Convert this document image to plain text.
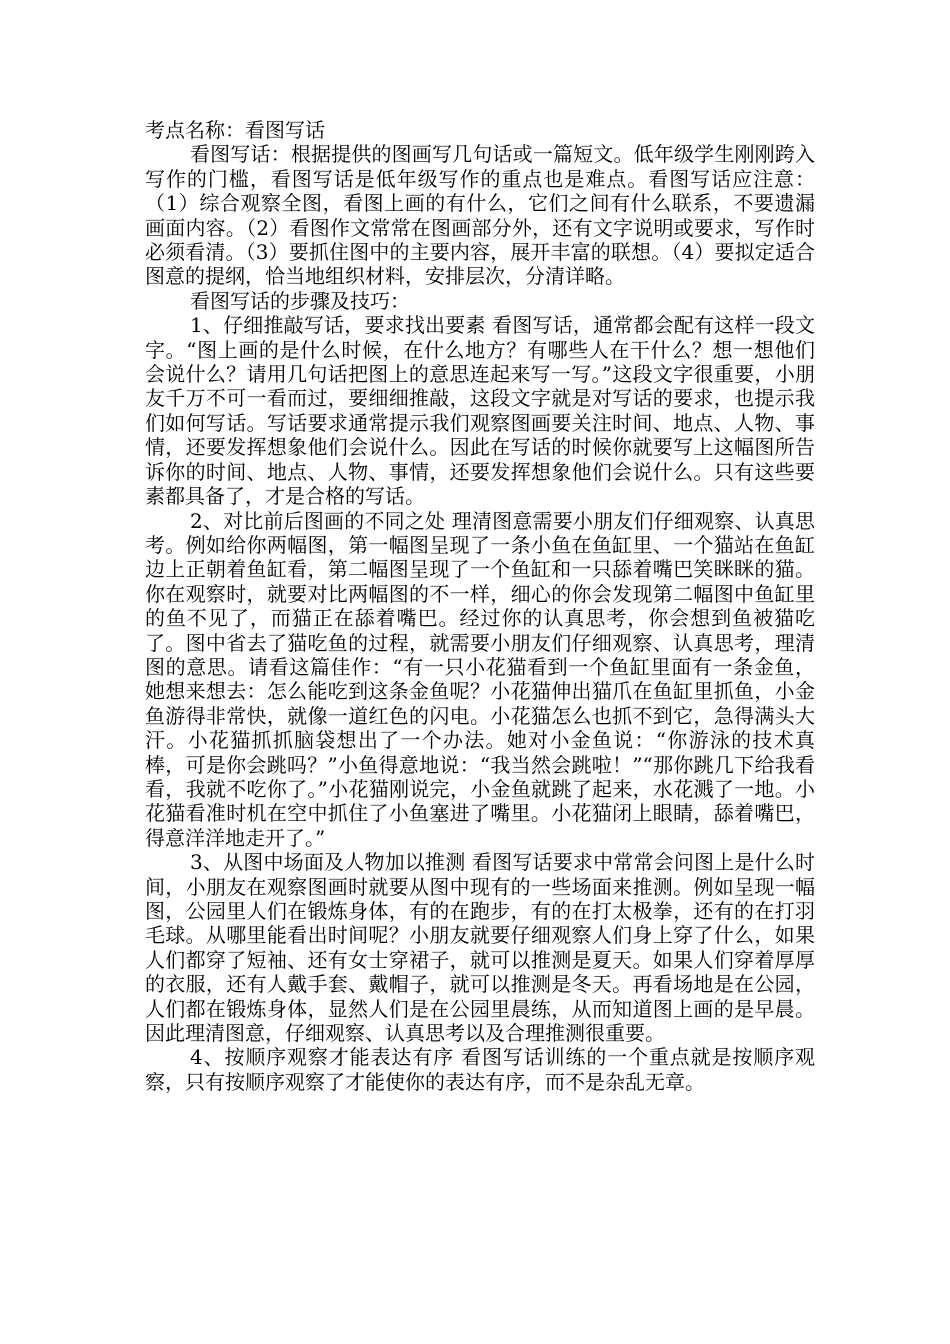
考点名称：看图写话

看图写话：根据提供的图画写几句话或一篇短文。低年级学生刚刚跨入写作的门槛，看图写话是低年级写作的重点也是难点。看图写话应注意：（1）综合观察全图，看图上画的有什么，它们之间有什么联系，不要遗漏画面内容。（2）看图作文常常在图画部分外，还有文字说明或要求，写作时必须看清。（3）要抓住图中的主要内容，展开丰富的联想。（4）要拟定适合图意的提纲，恰当地组织材料，安排层次，分清详略。

看图写话的步骤及技巧：

1、仔细推敲写话，要求找出要素 看图写话，通常都会配有这样一段文字。“图上画的是什么时候，在什么地方？有哪些人在干什么？想一想他们会说什么？请用几句话把图上的意思连起来写一写。”这段文字很重要，小朋友千万不可一看而过，要细细推敲，这段文字就是对写话的要求，也提示我们如何写话。写话要求通常提示我们观察图画要关注时间、地点、人物、事情，还要发挥想象他们会说什么。因此在写话的时候你就要写上这幅图所告诉你的时间、地点、人物、事情，还要发挥想象他们会说什么。只有这些要素都具备了，才是合格的写话。

2、对比前后图画的不同之处 理清图意需要小朋友们仔细观察、认真思考。例如给你两幅图，第一幅图呈现了一条小鱼在鱼缸里、一个猫站在鱼缸边上正朝着鱼缸看，第二幅图呈现了一个鱼缸和一只舔着嘴巴笑眯眯的猫。你在观察时，就要对比两幅图的不一样，细心的你会发现第二幅图中鱼缸里的鱼不见了，而猫正在舔着嘴巴。经过你的认真思考，你会想到鱼被猫吃了。图中省去了猫吃鱼的过程，就需要小朋友们仔细观察、认真思考，理清图的意思。请看这篇佳作：“有一只小花猫看到一个鱼缸里面有一条金鱼，她想来想去：怎么能吃到这条金鱼呢？小花猫伸出猫爪在鱼缸里抓鱼，小金鱼游得非常快，就像一道红色的闪电。小花猫怎么也抓不到它，急得满头大汗。小花猫抓抓脑袋想出了一个办法。她对小金鱼说：“你游泳的技术真棒，可是你会跳吗？”小鱼得意地说：“我当然会跳啦！”“那你跳几下给我看看，我就不吃你了。”小花猫刚说完，小金鱼就跳了起来，水花溅了一地。小花猫看准时机在空中抓住了小鱼塞进了嘴里。小花猫闭上眼睛，舔着嘴巴，得意洋洋地走开了。”

3、从图中场面及人物加以推测 看图写话要求中常常会问图上是什么时间，小朋友在观察图画时就要从图中现有的一些场面来推测。例如呈现一幅图，公园里人们在锻炼身体，有的在跑步，有的在打太极拳，还有的在打羽毛球。从哪里能看出时间呢？小朋友就要仔细观察人们身上穿了什么，如果人们都穿了短袖、还有女士穿裙子，就可以推测是夏天。如果人们穿着厚厚的衣服，还有人戴手套、戴帽子，就可以推测是冬天。再看场地是在公园，人们都在锻炼身体，显然人们是在公园里晨练，从而知道图上画的是早晨。因此理清图意，仔细观察、认真思考以及合理推测很重要。

4、按顺序观察才能表达有序 看图写话训练的一个重点就是按顺序观察，只有按顺序观察了才能使你的表达有序，而不是杂乱无章。
